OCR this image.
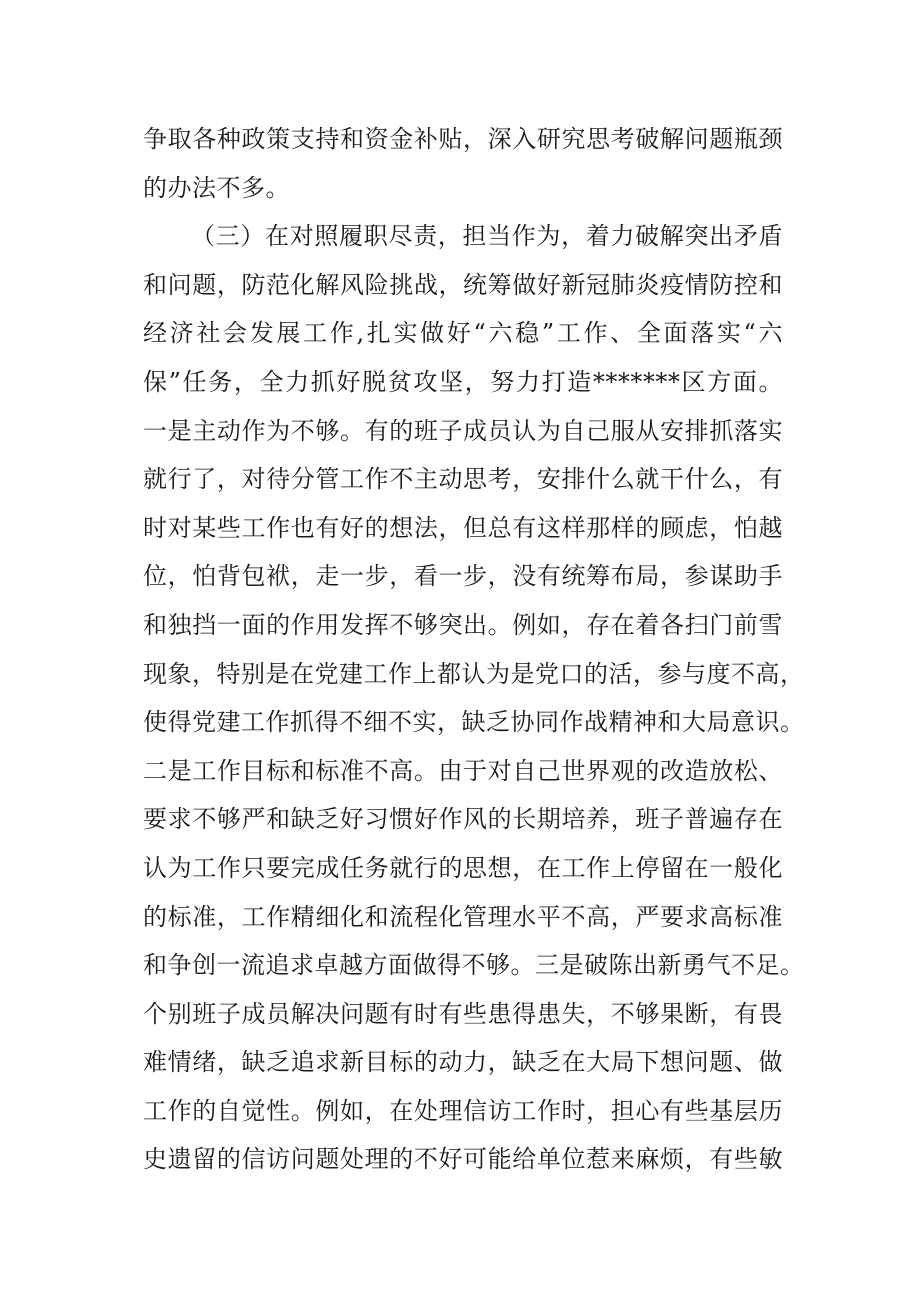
争取各种政策支持和资金补贴，深入研究思考破解问题瓶颈
的办法不多。
（三）在对照履职尽责，担当作为，着力破解突出矛盾
和问题，防范化解风险挑战，统筹做好新冠肺炎疫情防控和
经济社会发展工作,扎实做好“六稳”工作、全面落实“六
保”任务，全力抓好脱贫攻坚，努力打造*******区方面。
一是主动作为不够。有的班子成员认为自己服从安排抓落实
就行了，对待分管工作不主动思考，安排什么就干什么，有
时对某些工作也有好的想法，但总有这样那样的顾虑，怕越
位，怕背包袱，走一步，看一步，没有统筹布局，参谋助手
和独挡一面的作用发挥不够突出。例如，存在着各扫门前雪
现象，特别是在党建工作上都认为是党口的活，参与度不高，
使得党建工作抓得不细不实，缺乏协同作战精神和大局意识。
二是工作目标和标准不高。由于对自己世界观的改造放松、
要求不够严和缺乏好习惯好作风的长期培养，班子普遍存在
认为工作只要完成任务就行的思想，在工作上停留在一般化
的标准，工作精细化和流程化管理水平不高，严要求高标准
和争创一流追求卓越方面做得不够。三是破陈出新勇气不足。
个别班子成员解决问题有时有些患得患失，不够果断，有畏
难情绪，缺乏追求新目标的动力，缺乏在大局下想问题、做
工作的自觉性。例如，在处理信访工作时，担心有些基层历
史遗留的信访问题处理的不好可能给单位惹来麻烦，有些敏
